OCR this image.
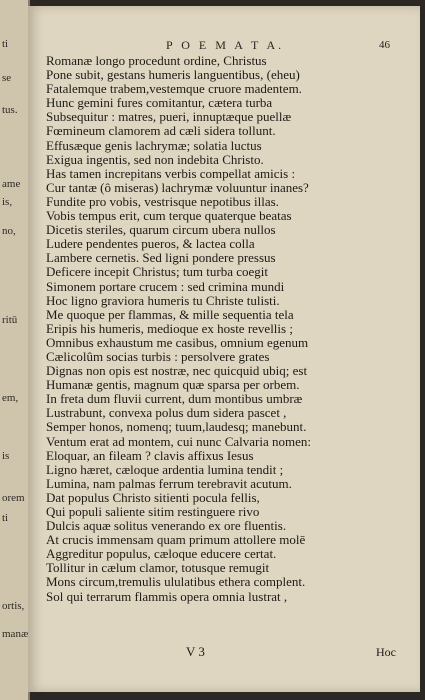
ti
se
tus.
ame
is,
no,
ritū
em,
is
orem
ti
ortis,
manæ
P O E M A T A.	46
Romanæ longo procedunt ordine, Christus
Pone subit, gestans humeris languentibus, (eheu)
Fatalemque trabem,vestemque cruore madentem.
Hunc gemini fures comitantur, cætera turba
Subsequitur : matres, pueri, innuptæque puellæ
Fœmineum clamorem ad cæli sidera tollunt.
Effusæque genis lachrymæ; solatia luctus
Exigua ingentis, sed non indebita Christo.
Has tamen increpitans verbis compellat amicis :
Cur tantæ (ô miseras) lachrymæ voluuntur inanes?
Fundite pro vobis, vestrisque nepotibus illas.
Vobis tempus erit, cum terque quaterque beatas
Dicetis steriles, quarum circum ubera nullos
Ludere pendentes pueros, & lactea colla
Lambere cernetis. Sed ligni pondere pressus
Deficere incepit Christus; tum turba coegit
Simonem portare crucem : sed crimina mundi
Hoc ligno graviora humeris tu Christe tulisti.
Me quoque per flammas, & mille sequentia tela
Eripis his humeris, medioque ex hoste revellis ;
Omnibus exhaustum me casibus, omnium egenum
Cælicolûm socias turbis : persolvere grates
Dignas non opis est nostræ, nec quicquid ubiq; est
Humanæ gentis, magnum quæ sparsa per orbem.
In freta dum fluvii current, dum montibus umbræ
Lustrabunt, convexa polus dum sidera pascet ,
Semper honos, nomenq; tuum,laudesq; manebunt.
Ventum erat ad montem, cui nunc Calvaria nomen:
Eloquar, an fileam ? clavis affixus Iesus
Ligno hæret, cæloque ardentia lumina tendit ;
Lumina, nam palmas ferrum terebravit acutum.
Dat populus Christo sitienti pocula fellis,
Qui populi saliente sitim restinguere rivo
Dulcis aquæ solitus venerando ex ore fluentis.
At crucis immensam quam primum attollere molē
Aggreditur populus, cæloque educere certat.
Tollitur in cælum clamor, totusque remugit
Mons circum,tremulis ululatibus ethera complent.
Sol qui terrarum flammis opera omnia lustrat ,
V 3	Hoc
